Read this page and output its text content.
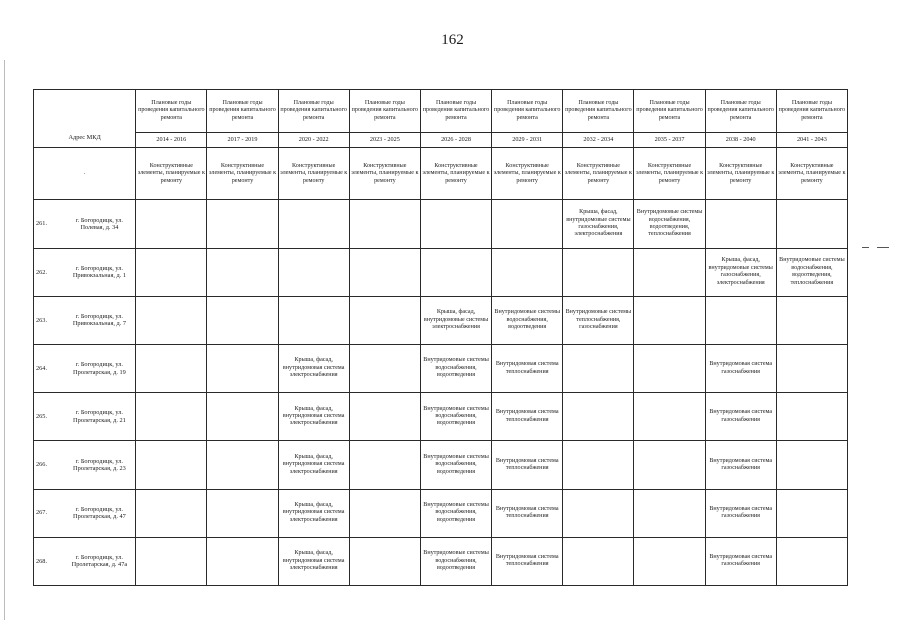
162
Адрес МКД		Плановые годы проведения капитального ремонта	Плановые годы проведения капитального ремонта	Плановые годы проведения капитального ремонта	Плановые годы проведения капитального ремонта	Плановые годы проведения капитального ремонта	Плановые годы проведения капитального ремонта	Плановые годы проведения капитального ремонта	Плановые годы проведения капитального ремонта	Плановые годы проведения капитального ремонта	Плановые годы проведения капитального ремонта
		2014 - 2016	2017 - 2019	2020 - 2022	2023 - 2025	2026 - 2028	2029 - 2031	2032 - 2034	2035 - 2037	2038 - 2040	2041 - 2043
.		Конструктивные элементы, планируемые к ремонту	Конструктивные элементы, планируемые к ремонту	Конструктивные элементы, планируемые к ремонту	Конструктивные элементы, планируемые к ремонту	Конструктивные элементы, планируемые к ремонту	Конструктивные элементы, планируемые к ремонту	Конструктивные элементы, планируемые к ремонту	Конструктивные элементы, планируемые к ремонту	Конструктивные элементы, планируемые к ремонту	Конструктивные элементы, планируемые к ремонту
261.	г. Богородицк, ул. Полевая, д. 34							Крыша, фасад, внутридомовые системы газоснабжения, электроснабжения	Внутридомовые системы водоснабжения, водоотведения, теплоснабжения		
262.	г. Богородицк, ул. Привокзальная, д. 1									Крыша, фасад, внутридомовые системы газоснабжения, электроснабжения	Внутридомовые системы водоснабжения, водоотведения, теплоснабжения
263.	г. Богородицк, ул. Привокзальная, д. 7					Крыша, фасад, внутридомовые системы электроснабжения	Внутридомовые системы водоснабжения, водоотведения	Внутридомовые системы теплоснабжения, газоснабжения			
264.	г. Богородицк, ул. Пролетарская, д. 19			Крыша, фасад, внутридомовая система электроснабжения		Внутридомовые системы водоснабжения, водоотведения	Внутридомовая система теплоснабжения			Внутридомовая система газоснабжения	
265.	г. Богородицк, ул. Пролетарская, д. 21			Крыша, фасад, внутридомовая система электроснабжения		Внутридомовые системы водоснабжения, водоотведения	Внутридомовая система теплоснабжения			Внутридомовая система газоснабжения	
266.	г. Богородицк, ул. Пролетарская, д. 23			Крыша, фасад, внутридомовая система электроснабжения		Внутридомовые системы водоснабжения, водоотведения	Внутридомовая система теплоснабжения			Внутридомовая система газоснабжения	
267.	г. Богородицк, ул. Пролетарская, д. 47			Крыша, фасад, внутридомовая система электроснабжения		Внутридомовые системы водоснабжения, водоотведения	Внутридомовая система теплоснабжения			Внутридомовая система газоснабжения	
268.	г. Богородицк, ул. Пролетарская, д. 47а			Крыша, фасад, внутридомовая система электроснабжения		Внутридомовые системы водоснабжения, водоотведения	Внутридомовая система теплоснабжения			Внутридомовая система газоснабжения	
